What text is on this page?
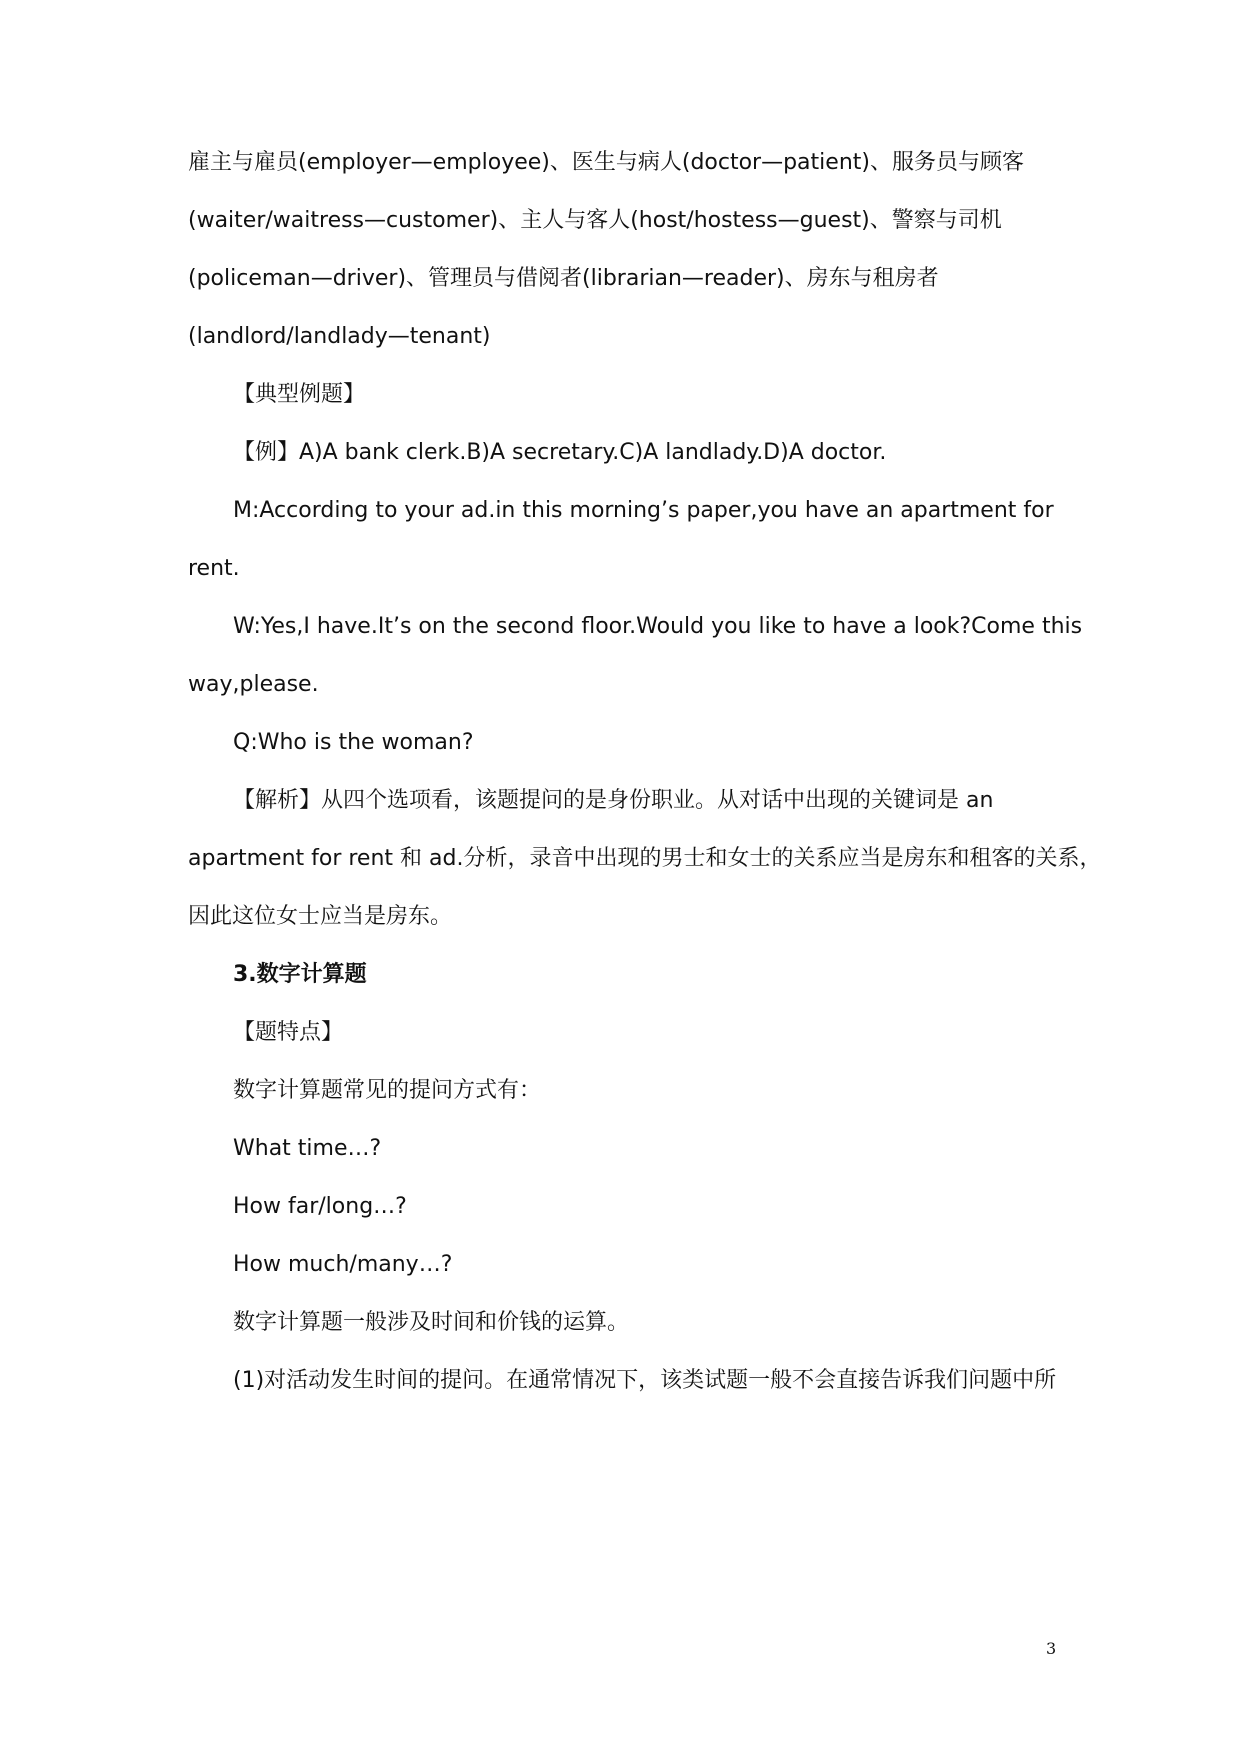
雇主与雇员(employer—employee)、医生与病人(doctor—patient)、服务员与顾客
(waiter/waitress—customer)、主人与客人(host/hostess—guest)、警察与司机
(policeman—driver)、管理员与借阅者(librarian—reader)、房东与租房者
(landlord/landlady—tenant)
【典型例题】
【例】A)A bank clerk.B)A secretary.C)A landlady.D)A doctor.
M:According to your ad.in this morning’s paper,you have an apartment for
rent.
W:Yes,I have.It’s on the second floor.Would you like to have a look?Come this
way,please.
Q:Who is the woman?
【解析】从四个选项看，该题提问的是身份职业。从对话中出现的关键词是 an
apartment for rent 和 ad.分析，录音中出现的男士和女士的关系应当是房东和租客的关系，
因此这位女士应当是房东。
3.数字计算题
【题特点】
数字计算题常见的提问方式有：
What time…?
How far/long…?
How much/many…?
数字计算题一般涉及时间和价钱的运算。
(1)对活动发生时间的提问。在通常情况下，该类试题一般不会直接告诉我们问题中所
3
